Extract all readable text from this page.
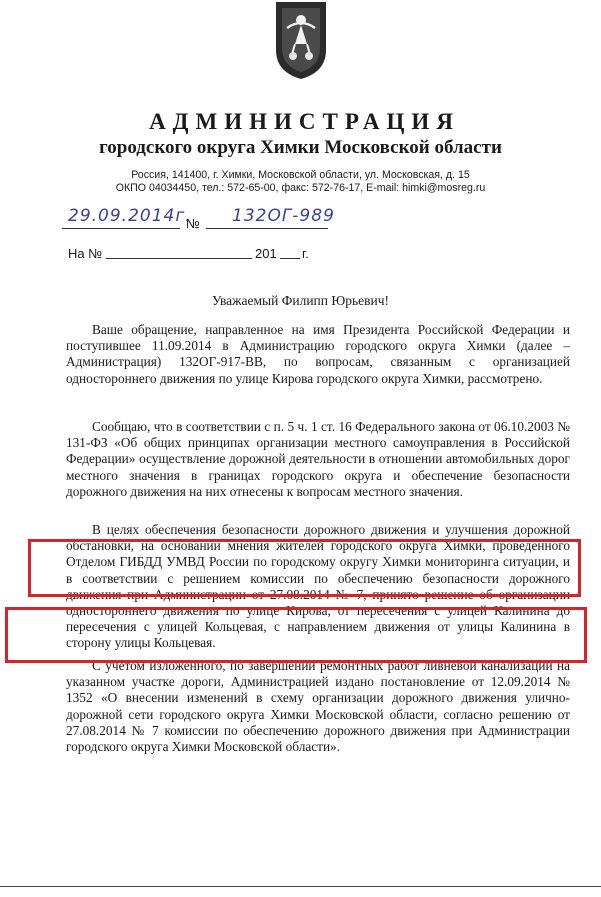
АДМИНИСТРАЦИЯ
городского округа Химки Московской области
Россия, 141400, г. Химки, Московской области, ул. Московская, д. 15
ОКПО 04034450, тел.: 572-65-00, факс: 572-76-17, E-mail: himki@mosreg.ru
29.09.2014г.
№ 132ОГ-989
На №	201 г.
Уважаемый Филипп Юрьевич!

Ваше обращение, направленное на имя Президента Российской Федерации и поступившее 11.09.2014 в Администрацию городского округа Химки (далее – Администрация) 132ОГ-917-ВВ, по вопросам, связанным с организацией одностороннего движения по улице Кирова городского округа Химки, рассмотрено.

Сообщаю, что в соответствии с п. 5 ч. 1 ст. 16 Федерального закона от 06.10.2003 № 131-ФЗ «Об общих принципах организации местного самоуправления в Российской Федерации» осуществление дорожной деятельности в отношении автомобильных дорог местного значения в границах городского округа и обеспечение безопасности дорожного движения на них отнесены к вопросам местного значения.

В целях обеспечения безопасности дорожного движения и улучшения дорожной обстановки, на основании мнения жителей городского округа Химки, проведенного Отделом ГИБДД УМВД России по городскому округу Химки мониторинга ситуации, и в соответствии с решением комиссии по обеспечению безопасности дорожного движения при Администрации от 27.08.2014 № 7, принято решение об организации одностороннего движения по улице Кирова, от пересечения с улицей Калинина до пересечения с улицей Кольцевая, с направлением движения от улицы Калинина в сторону улицы Кольцевая.

С учетом изложенного, по завершении ремонтных работ ливневой канализации на указанном участке дороги, Администрацией издано постановление от 12.09.2014 № 1352 «О внесении изменений в схему организации дорожного движения улично-дорожной сети городского округа Химки Московской области, согласно решению от 27.08.2014 № 7 комиссии по обеспечению дорожного движения при Администрации городского округа Химки Московской области».
